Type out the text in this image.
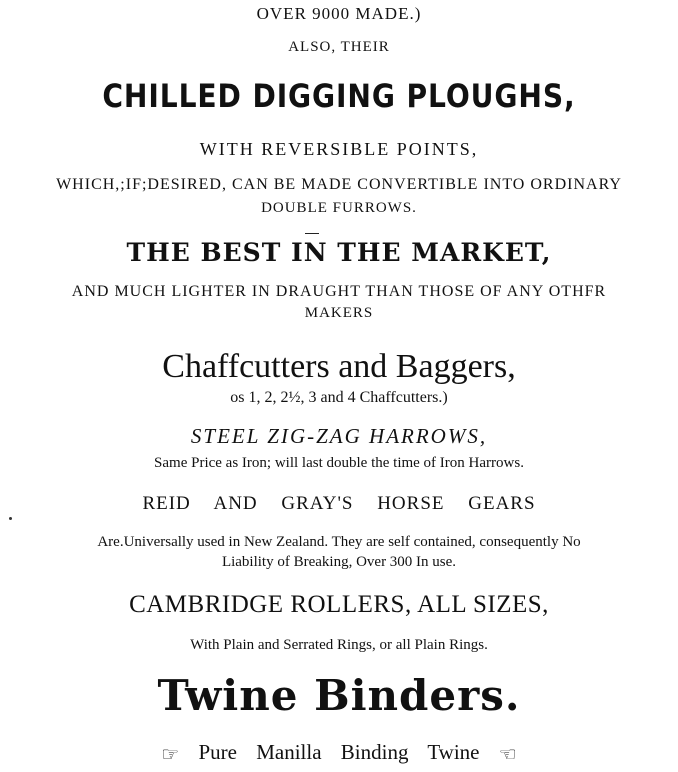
OVER 9000 MADE.)
ALSO, THEIR
CHILLED DIGGING PLOUGHS,
WITH REVERSIBLE POINTS,
WHICH,;IF;DESIRED, CAN BE MADE CONVERTIBLE INTO ORDINARY
DOUBLE FURROWS.
THE BEST IN THE MARKET,
AND MUCH LIGHTER IN DRAUGHT THAN THOSE OF ANY OTHFR
MAKERS
Chaffcutters and Baggers,
os 1, 2, 2½, 3 and 4 Chaffcutters.)
STEEL ZIG-ZAG HARROWS,
Same Price as Iron; will last double the time of Iron Harrows.
REID AND GRAY'S HORSE GEARS
Are.Universally used in New Zealand. They are self contained, consequently No
Liability of Breaking, Over 300 In use.
CAMBRIDGE ROLLERS, ALL SIZES,
With Plain and Serrated Rings, or all Plain Rings.
Twine Binders.
☞ Pure Manilla Binding Twine ☜
